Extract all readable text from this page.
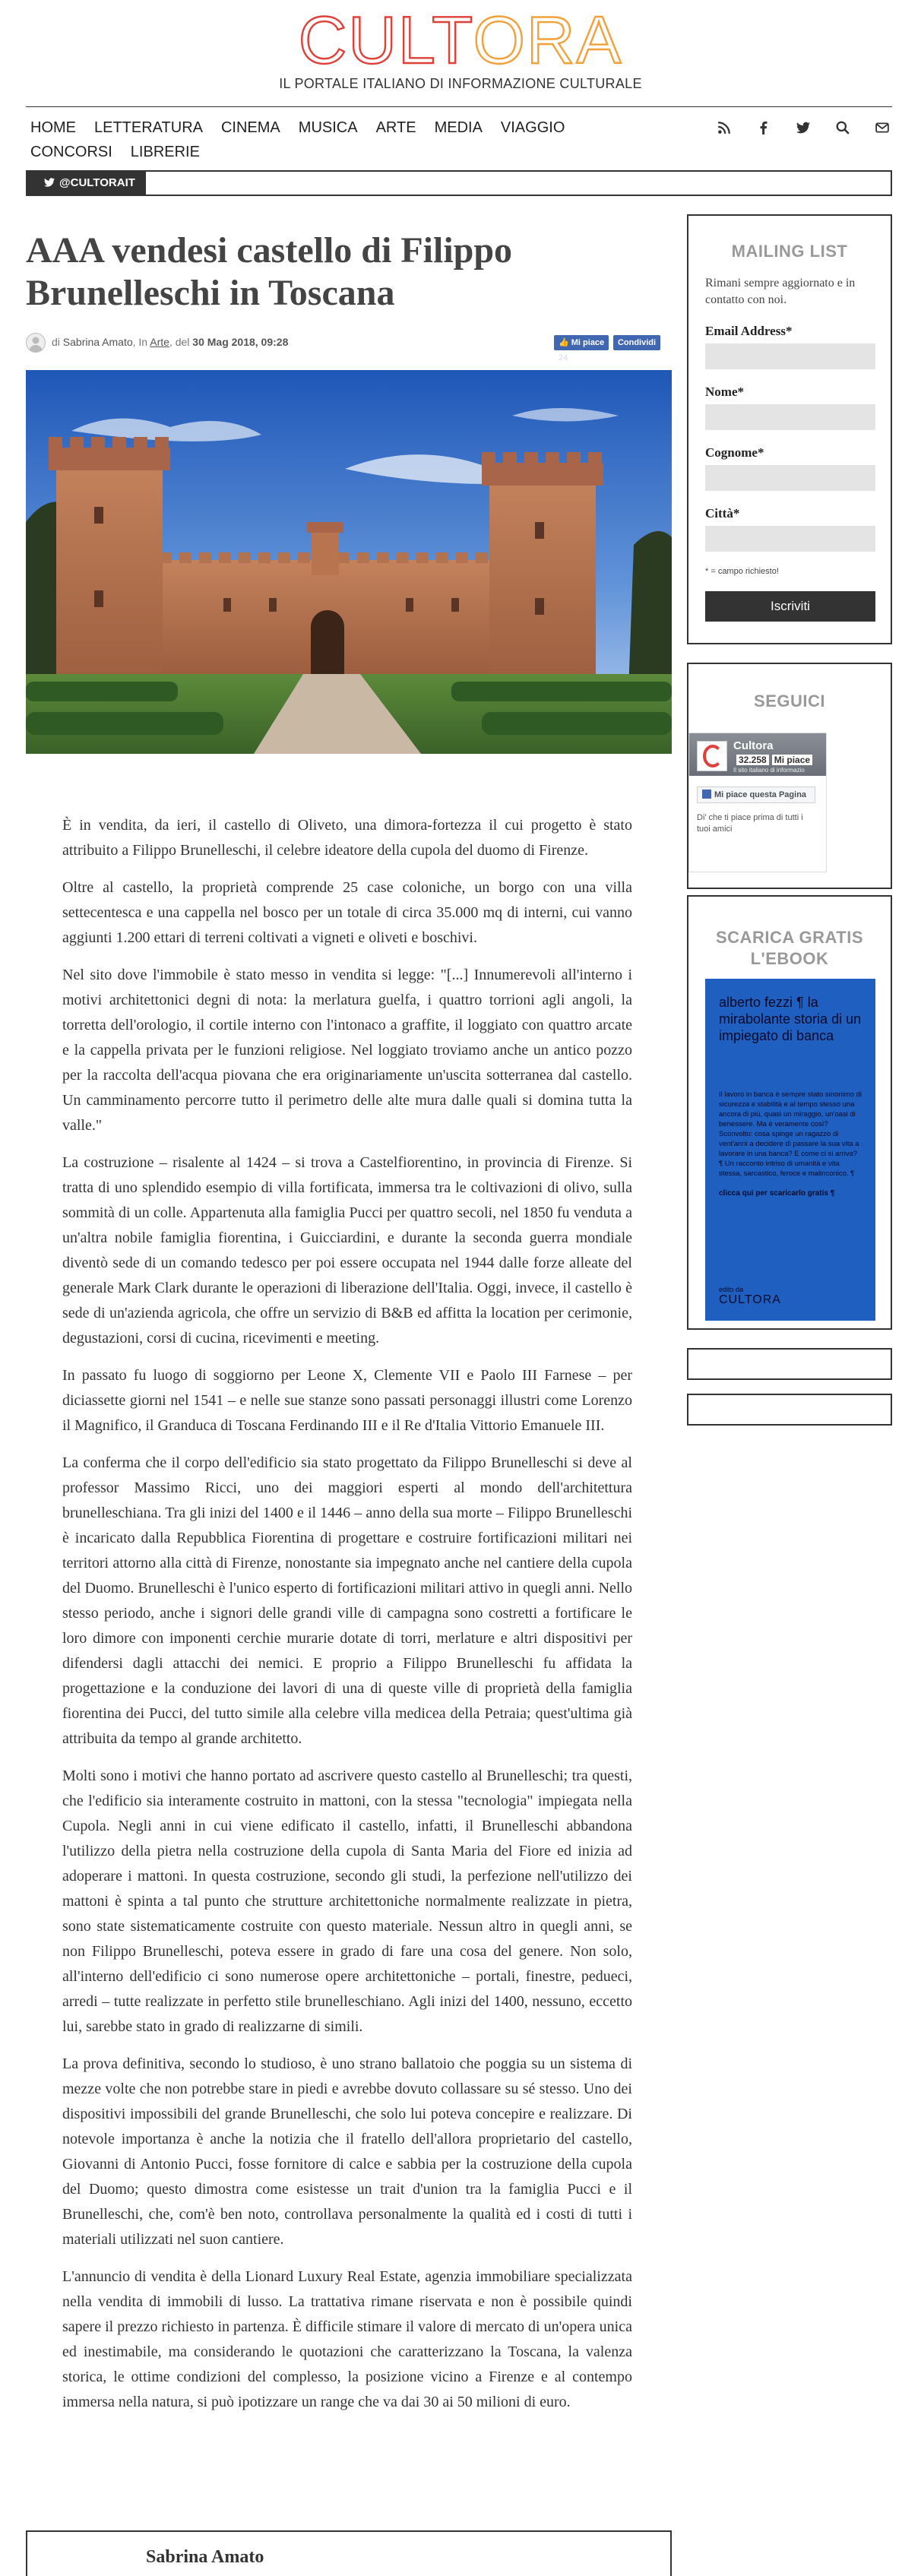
CULTORA
IL PORTALE ITALIANO DI INFORMAZIONE CULTURALE
HOME LETTERATURA CINEMA MUSICA ARTE MEDIA VIAGGIOCONCORSI LIBRERIE
@CULTORAIT
AAA vendesi castello di Filippo Brunelleschi in Toscana
di Sabrina Amato, In Arte, del 30 Mag 2018, 09:28	👍 Mi piace 24
Condividi

È in vendita, da ieri, il castello di Oliveto, una dimora-fortezza il cui progetto è stato attribuito a Filippo Brunelleschi, il celebre ideatore della cupola del duomo di Firenze.

Oltre al castello, la proprietà comprende 25 case coloniche, un borgo con una villa settecentesca e una cappella nel bosco per un totale di circa 35.000 mq di interni, cui vanno aggiunti 1.200 ettari di terreni coltivati a vigneti e oliveti e boschivi.

Nel sito dove l'immobile è stato messo in vendita si legge: "[...] Innumerevoli all'interno i motivi architettonici degni di nota: la merlatura guelfa, i quattro torrioni agli angoli, la torretta dell'orologio, il cortile interno con l'intonaco a graffite, il loggiato con quattro arcate e la cappella privata per le funzioni religiose. Nel loggiato troviamo anche un antico pozzo per la raccolta dell'acqua piovana che era originariamente un'uscita sotterranea dal castello. Un camminamento percorre tutto il perimetro delle alte mura dalle quali si domina tutta la valle."

La costruzione – risalente al 1424 – si trova a Castelfiorentino, in provincia di Firenze. Si tratta di uno splendido esempio di villa fortificata, immersa tra le coltivazioni di olivo, sulla sommità di un colle. Appartenuta alla famiglia Pucci per quattro secoli, nel 1850 fu venduta a un'altra nobile famiglia fiorentina, i Guicciardini, e durante la seconda guerra mondiale diventò sede di un comando tedesco per poi essere occupata nel 1944 dalle forze alleate del generale Mark Clark durante le operazioni di liberazione dell'Italia. Oggi, invece, il castello è sede di un'azienda agricola, che offre un servizio di B&B ed affitta la location per cerimonie, degustazioni, corsi di cucina, ricevimenti e meeting.

In passato fu luogo di soggiorno per Leone X, Clemente VII e Paolo III Farnese – per diciassette giorni nel 1541 – e nelle sue stanze sono passati personaggi illustri come Lorenzo il Magnifico, il Granduca di Toscana Ferdinando III e il Re d'Italia Vittorio Emanuele III.

La conferma che il corpo dell'edificio sia stato progettato da Filippo Brunelleschi si deve al professor Massimo Ricci, uno dei maggiori esperti al mondo dell'architettura brunelleschiana. Tra gli inizi del 1400 e il 1446 – anno della sua morte – Filippo Brunelleschi è incaricato dalla Repubblica Fiorentina di progettare e costruire fortificazioni militari nei territori attorno alla città di Firenze, nonostante sia impegnato anche nel cantiere della cupola del Duomo. Brunelleschi è l'unico esperto di fortificazioni militari attivo in quegli anni. Nello stesso periodo, anche i signori delle grandi ville di campagna sono costretti a fortificare le loro dimore con imponenti cerchie murarie dotate di torri, merlature e altri dispositivi per difendersi dagli attacchi dei nemici. E proprio a Filippo Brunelleschi fu affidata la progettazione e la conduzione dei lavori di una di queste ville di proprietà della famiglia fiorentina dei Pucci, del tutto simile alla celebre villa medicea della Petraia; quest'ultima già attribuita da tempo al grande architetto.

Molti sono i motivi che hanno portato ad ascrivere questo castello al Brunelleschi; tra questi, che l'edificio sia interamente costruito in mattoni, con la stessa "tecnologia" impiegata nella Cupola. Negli anni in cui viene edificato il castello, infatti, il Brunelleschi abbandona l'utilizzo della pietra nella costruzione della cupola di Santa Maria del Fiore ed inizia ad adoperare i mattoni. In questa costruzione, secondo gli studi, la perfezione nell'utilizzo dei mattoni è spinta a tal punto che strutture architettoniche normalmente realizzate in pietra, sono state sistematicamente costruite con questo materiale. Nessun altro in quegli anni, se non Filippo Brunelleschi, poteva essere in grado di fare una cosa del genere. Non solo, all'interno dell'edificio ci sono numerose opere architettoniche – portali, finestre, pedueci, arredi – tutte realizzate in perfetto stile brunelleschiano. Agli inizi del 1400, nessuno, eccetto lui, sarebbe stato in grado di realizzarne di simili.

La prova definitiva, secondo lo studioso, è uno strano ballatoio che poggia su un sistema di mezze volte che non potrebbe stare in piedi e avrebbe dovuto collassare su sé stesso. Uno dei dispositivi impossibili del grande Brunelleschi, che solo lui poteva concepire e realizzare. Di notevole importanza è anche la notizia che il fratello dell'allora proprietario del castello, Giovanni di Antonio Pucci, fosse fornitore di calce e sabbia per la costruzione della cupola del Duomo; questo dimostra come esistesse un trait d'union tra la famiglia Pucci e il Brunelleschi, che, com'è ben noto, controllava personalmente la qualità ed i costi di tutti i materiali utilizzati nel suon cantiere.

L'annuncio di vendita è della Lionard Luxury Real Estate, agenzia immobiliare specializzata nella vendita di immobili di lusso. La trattativa rimane riservata e non è possibile quindi sapere il prezzo richiesto in partenza. È difficile stimare il valore di mercato di un'opera unica ed inestimabile, ma considerando le quotazioni che caratterizzano la Toscana, la valenza storica, le ottime condizioni del complesso, la posizione vicino a Firenze e al contempo immersa nella natura, si può ipotizzare un range che va dai 30 ai 50 milioni di euro.

Sabrina Amato
MAILING LIST
Rimani sempre aggiornato e in contatto con noi.
Email Address*
Nome*
Cognome*
Città*
* = campo richiesto!
Iscriviti
SEGUICI
Cultora
32.258 Mi piace
Il sito italiano di informazio
Mi piace questa Pagina
Di' che ti piace prima di tutti i tuoi amici
SCARICA GRATIS
L'EBOOK
alberto fezzi ¶ la mirabolante storia di un impiegato di banca
Il lavoro in banca è sempre stato sinonimo di sicurezza e stabilità e al tempo stesso una ancora di più, quasi un miraggio, un'oasi di benessere. Ma è veramente così? Sconvolto: cosa spinge un ragazzo di vent'anni a decidere di passare la sua vita a lavorare in una banca? E come ci si arriva? ¶ Un racconto intriso di umanità e vita stessa, sarcastico, feroce e malinconico. ¶
clicca qui per scaricarlo gratis ¶
edito da
CULTORA
